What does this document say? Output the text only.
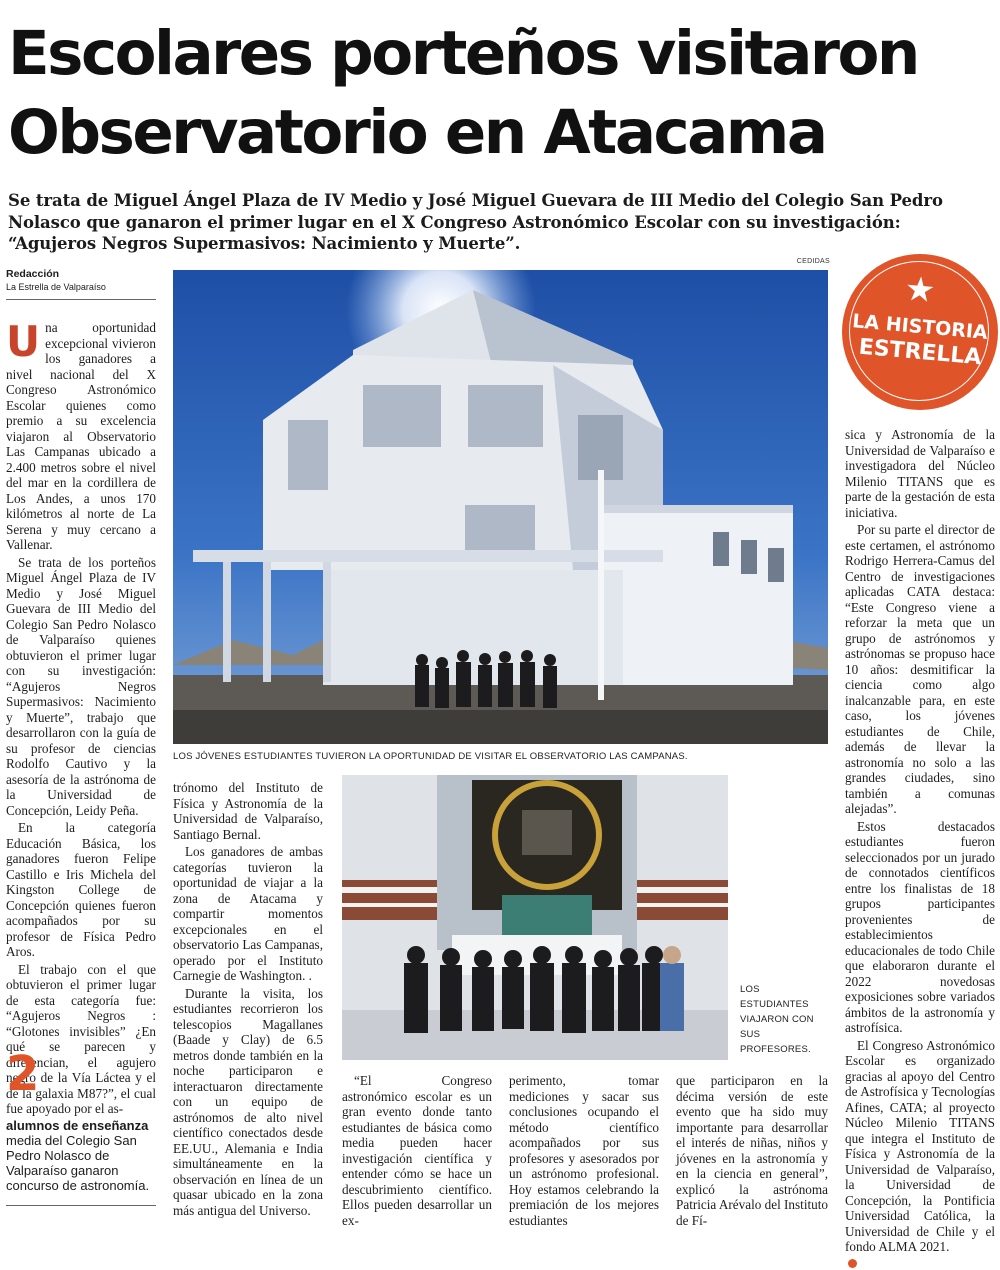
Escolares porteños visitaron Observatorio en Atacama

Se trata de Miguel Ángel Plaza de IV Medio y José Miguel Guevara de III Medio del Colegio San Pedro Nolasco que ganaron el primer lugar en el X Congreso Astronómico Escolar con su investigación: “Agujeros Negros Supermasivos: Nacimiento y Muerte”.

CEDIDAS
Redacción
La Estrella de Valparaíso
LOS JÓVENES ESTUDIANTES TUVIERON LA OPORTUNIDAD DE VISITAR EL OBSERVATORIO LAS CAMPANAS.
★
LA HISTORIA
ESTRELLA
U na oportunidad excepcional vivieron los ganadores a nivel nacional del X Congreso Astronómico Escolar quienes como premio a su excelencia viajaron al Observatorio Las Campanas ubicado a 2.400 metros sobre el nivel del mar en la cordillera de Los Andes, a unos 170 kilómetros al norte de La Serena y muy cercano a Vallenar.

Se trata de los porteños Miguel Ángel Plaza de IV Medio y José Miguel Guevara de III Medio del Colegio San Pedro Nolasco de Valparaíso quienes obtuvieron el primer lugar con su investigación: “Agujeros Negros Supermasivos: Nacimiento y Muerte”, trabajo que desarrollaron con la guía de su profesor de ciencias Rodolfo Cautivo y la asesoría de la astrónoma de la Universidad de Concepción, Leidy Peña.

En la categoría Educación Básica, los ganadores fueron Felipe Castillo e Iris Michela del Kingston College de Concepción quienes fueron acompañados por su profesor de Física Pedro Aros.

El trabajo con el que obtuvieron el primer lugar de esta categoría fue: “Agujeros Negros : “Glotones invisibles” ¿En qué se parecen y diferencian, el agujero negro de la Vía Láctea y el de la galaxia M87?”, el cual fue apoyado por el as-

2
alumnos de enseñanza media del Colegio San Pedro Nolasco de Valparaíso ganaron concurso de astronomía.

trónomo del Instituto de Física y Astronomía de la Universidad de Valparaíso, Santiago Bernal.

Los ganadores de ambas categorías tuvieron la oportunidad de viajar a la zona de Atacama y compartir momentos excepcionales en el observatorio Las Campanas, operado por el Instituto Carnegie de Washington. .

Durante la visita, los estudiantes recorrieron los telescopios Magallanes (Baade y Clay) de 6.5 metros donde también en la noche participaron e interactuaron directamente con un equipo de astrónomos de alto nivel científico conectados desde EE.UU., Alemania e India simultáneamente en la observación en línea de un quasar ubicado en la zona más antigua del Universo.

LOS ESTUDIANTES VIAJARON CON SUS PROFESORES.

“El Congreso astronómico escolar es un gran evento donde tanto estudiantes de básica como media pueden hacer investigación científica y entender cómo se hace un descubrimiento científico. Ellos pueden desarrollar un ex-

perimento, tomar mediciones y sacar sus conclusiones ocupando el método científico acompañados por sus profesores y asesorados por un astrónomo profesional. Hoy estamos celebrando la premiación de los mejores estudiantes

que participaron en la décima versión de este evento que ha sido muy importante para desarrollar el interés de niñas, niños y jóvenes en la astronomía y en la ciencia en general”, explicó la astrónoma Patricia Arévalo del Instituto de Fí-

sica y Astronomía de la Universidad de Valparaíso e investigadora del Núcleo Milenio TITANS que es parte de la gestación de esta iniciativa.

Por su parte el director de este certamen, el astrónomo Rodrigo Herrera-Camus del Centro de investigaciones aplicadas CATA destaca: “Este Congreso viene a reforzar la meta que un grupo de astrónomos y astrónomas se propuso hace 10 años: desmitificar la ciencia como algo inalcanzable para, en este caso, los jóvenes estudiantes de Chile, además de llevar la astronomía no solo a las grandes ciudades, sino también a comunas alejadas”.

Estos destacados estudiantes fueron seleccionados por un jurado de connotados científicos entre los finalistas de 18 grupos participantes provenientes de establecimientos educacionales de todo Chile que elaboraron durante el 2022 novedosas exposiciones sobre variados ámbitos de la astronomía y astrofísica.

El Congreso Astronómico Escolar es organizado gracias al apoyo del Centro de Astrofísica y Tecnologías Afines, CATA; al proyecto Núcleo Milenio TITANS que integra el Instituto de Física y Astronomía de la Universidad de Valparaíso, la Universidad de Concepción, la Pontificia Universidad Católica, la Universidad de Chile y el fondo ALMA 2021.
